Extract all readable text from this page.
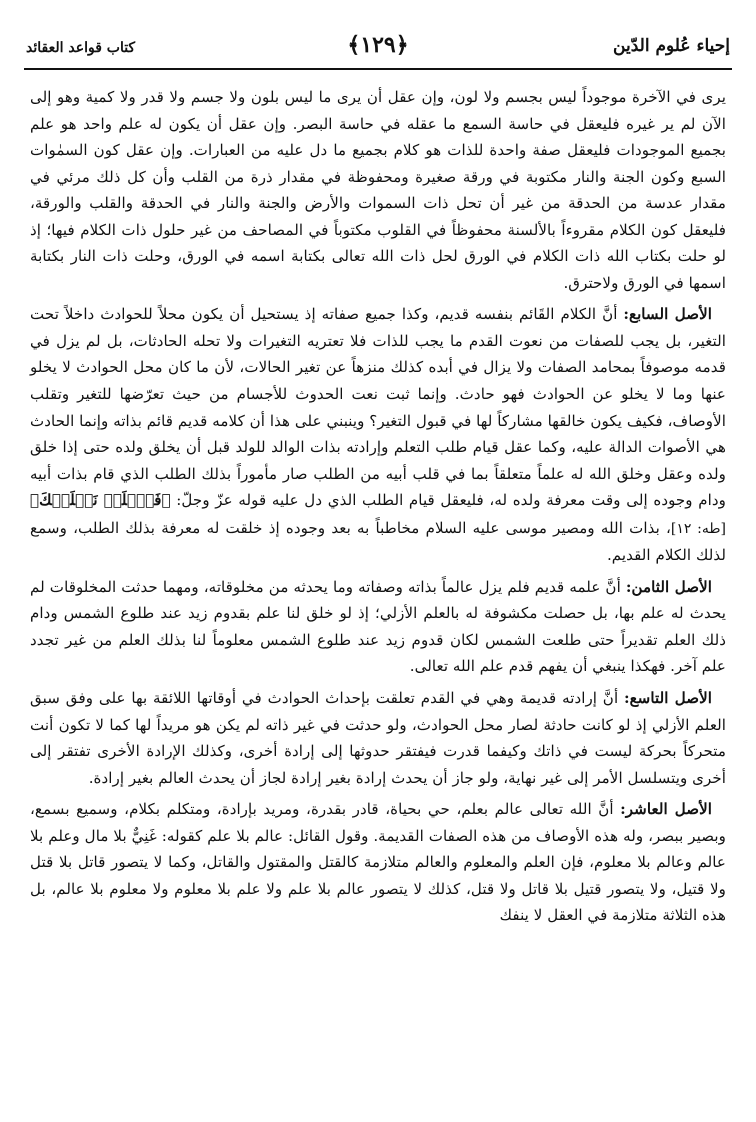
إحياء عُلوم الدّين
﴿١٢٩﴾
كتاب قواعد العقائد

يرى في الآخرة موجوداً ليس بجسم ولا لون، وإن عقل أن يرى ما ليس بلون ولا جسم ولا قدر ولا كمية وهو إلى الآن لم ير غيره فليعقل في حاسة السمع ما عقله في حاسة البصر. وإن عقل أن يكون له علم واحد هو علم بجميع الموجودات فليعقل صفة واحدة للذات هو كلام بجميع ما دل عليه من العبارات. وإن عقل كون السمٰوات السبع وكون الجنة والنار مكتوبة في ورقة صغيرة ومحفوظة في مقدار ذرة من القلب وأن كل ذلك مرئي في مقدار عدسة من الحدقة من غير أن تحل ذات السموات والأرض والجنة والنار في الحدقة والقلب والورقة، فليعقل كون الكلام مقروءاً بالألسنة محفوظاً في القلوب مكتوباً في المصاحف من غير حلول ذات الكلام فيها؛ إذ لو حلت بكتاب الله ذات الكلام في الورق لحل ذات الله تعالى بكتابة اسمه في الورق، وحلت ذات النار بكتابة اسمها في الورق ولاحترق.

الأصل السابع: أنَّ الكلام القَائم بنفسه قديم، وكذا جميع صفاته إذ يستحيل أن يكون محلاً للحوادث داخلاً تحت التغير، بل يجب للصفات من نعوت القدم ما يجب للذات فلا تعتريه التغيرات ولا تحله الحادثات، بل لم يزل في قدمه موصوفاً بمحامد الصفات ولا يزال في أبده كذلك منزهاً عن تغير الحالات، لأن ما كان محل الحوادث لا يخلو عنها وما لا يخلو عن الحوادث فهو حادث. وإنما ثبت نعت الحدوث للأجسام من حيث تعرّضها للتغير وتقلب الأوصاف، فكيف يكون خالقها مشاركاً لها في قبول التغير؟ وينبني على هذا أن كلامه قديم قائم بذاته وإنما الحادث هي الأصوات الدالة عليه، وكما عقل قيام طلب التعلم وإرادته بذات الوالد للولد قبل أن يخلق ولده حتى إذا خلق ولده وعقل وخلق الله له علماً متعلقاً بما في قلب أبيه من الطلب صار مأموراً بذلك الطلب الذي قام بذات أبيه ودام وجوده إلى وقت معرفة ولده له، فليعقل قيام الطلب الذي دل عليه قوله عزّ وجلّ: ﴿فَٱخۡلَعۡ نَعۡلَيۡكَ﴾ [طه: ١٢]، بذات الله ومصير موسى عليه السلام مخاطباً به بعد وجوده إذ خلقت له معرفة بذلك الطلب، وسمع لذلك الكلام القديم.

الأصل الثامن: أنَّ علمه قديم فلم يزل عالماً بذاته وصفاته وما يحدثه من مخلوقاته، ومهما حدثت المخلوقات لم يحدث له علم بها، بل حصلت مكشوفة له بالعلم الأزلي؛ إذ لو خلق لنا علم بقدوم زيد عند طلوع الشمس ودام ذلك العلم تقديراً حتى طلعت الشمس لكان قدوم زيد عند طلوع الشمس معلوماً لنا بذلك العلم من غير تجدد علم آخر. فهكذا ينبغي أن يفهم قدم علم الله تعالى.

الأصل التاسع: أنَّ إرادته قديمة وهي في القدم تعلقت بإحداث الحوادث في أوقاتها اللائقة بها على وفق سبق العلم الأزلي إذ لو كانت حادثة لصار محل الحوادث، ولو حدثت في غير ذاته لم يكن هو مريداً لها كما لا تكون أنت متحركاً بحركة ليست في ذاتك وكيفما قدرت فيفتقر حدوثها إلى إرادة أخرى، وكذلك الإرادة الأخرى تفتقر إلى أخرى ويتسلسل الأمر إلى غير نهاية، ولو جاز أن يحدث إرادة بغير إرادة لجاز أن يحدث العالم بغير إرادة.

الأصل العاشر: أنَّ الله تعالى عالم بعلم، حي بحياة، قادر بقدرة، ومريد بإرادة، ومتكلم بكلام، وسميع بسمع، وبصير ببصر، وله هذه الأوصاف من هذه الصفات القديمة. وقول القائل: عالم بلا علم كقوله: غَنِيٌّ بلا مال وعلم بلا عالم وعالم بلا معلوم، فإن العلم والمعلوم والعالم متلازمة كالقتل والمقتول والقاتل، وكما لا يتصور قاتل بلا قتل ولا قتيل، ولا يتصور قتيل بلا قاتل ولا قتل، كذلك لا يتصور عالم بلا علم ولا علم بلا معلوم ولا معلوم بلا عالم، بل هذه الثلاثة متلازمة في العقل لا ينفك
